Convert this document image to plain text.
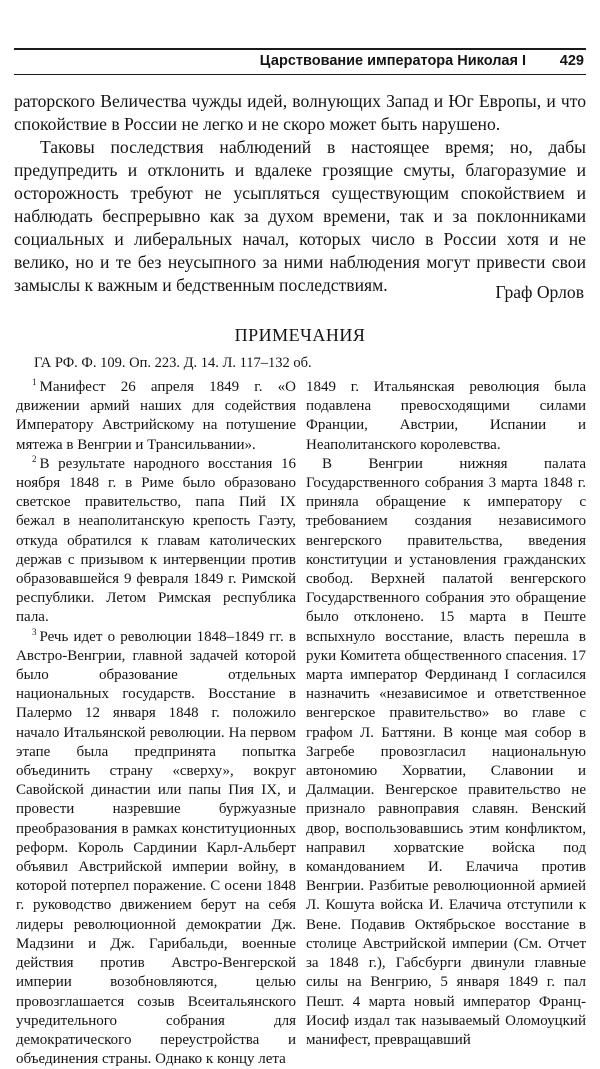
Царствование императора Николая I 429

раторского Величества чужды идей, волнующих Запад и Юг Европы, и что спокойствие в России не легко и не скоро может быть нарушено.

Таковы последствия наблюдений в настоящее время; но, дабы предупредить и отклонить и вдалеке грозящие смуты, благоразумие и осторожность требуют не усыпляться существующим спокойствием и наблюдать беспрерывно как за духом времени, так и за поклонниками социальных и либеральных начал, которых число в России хотя и не велико, но и те без неусыпного за ними наблюдения могут привести свои замыслы к важным и бедственным последствиям.	Граф Орлов
ПРИМЕЧАНИЯ
ГА РФ. Ф. 109. Оп. 223. Д. 14. Л. 117–132 об.

$^1$ Манифест 26 апреля 1849 г. «О движении армий наших для содействия Императору Австрийскому на потушение мятежа в Венгрии и Трансильвании».

$^2$ В результате народного восстания 16 ноября 1848 г. в Риме было образовано светское правительство, папа Пий IX бежал в неаполитанскую крепость Гаэту, откуда обратился к главам католических держав с призывом к интервенции против образовавшейся 9 февраля 1849 г. Римской республики. Летом Римская республика пала.

$^3$ Речь идет о революции 1848–1849 гг. в Австро-Венгрии, главной задачей которой было образование отдельных национальных государств. Восстание в Палермо 12 января 1848 г. положило начало Итальянской революции. На первом этапе была предпринята попытка объединить страну «сверху», вокруг Савойской династии или папы Пия IX, и провести назревшие буржуазные преобразования в рамках конституционных реформ. Король Сардинии Карл-Альберт объявил Австрийской империи войну, в которой потерпел поражение. С осени 1848 г. руководство движением берут на себя лидеры революционной демократии Дж. Мадзини и Дж. Гарибальди, военные действия против Австро-Венгерской империи возобновляются, целью провозглашается созыв Всеитальянского учредительного собрания для демократического переустройства и объединения страны. Однако к концу лета

1849 г. Итальянская революция была подавлена превосходящими силами Франции, Австрии, Испании и Неаполитанского королевства.

В Венгрии нижняя палата Государственного собрания 3 марта 1848 г. приняла обращение к императору с требованием создания независимого венгерского правительства, введения конституции и установления гражданских свобод. Верхней палатой венгерского Государственного собрания это обращение было отклонено. 15 марта в Пеште вспыхнуло восстание, власть перешла в руки Комитета общественного спасения. 17 марта император Фердинанд I согласился назначить «независимое и ответственное венгерское правительство» во главе с графом Л. Баттяни. В конце мая собор в Загребе провозгласил национальную автономию Хорватии, Славонии и Далмации. Венгерское правительство не признало равноправия славян. Венский двор, воспользовавшись этим конфликтом, направил хорватские войска под командованием И. Елачича против Венгрии. Разбитые революционной армией Л. Кошута войска И. Елачича отступили к Вене. Подавив Октябрьское восстание в столице Австрийской империи (См. Отчет за 1848 г.), Габсбурги двинули главные силы на Венгрию, 5 января 1849 г. пал Пешт. 4 марта новый император Франц-Иосиф издал так называемый Оломоуцкий манифест, превращавший
